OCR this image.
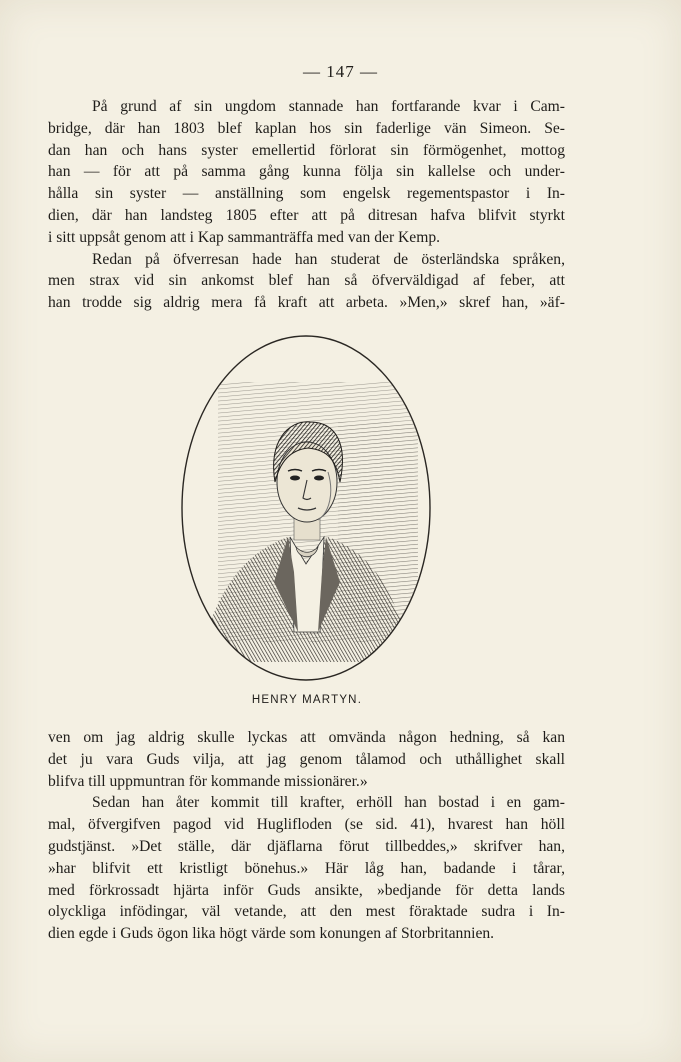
— 147 —
På grund af sin ungdom stannade han fortfarande kvar i Cam-
bridge, där han 1803 blef kaplan hos sin faderlige vän Simeon. Se-
dan han och hans syster emellertid förlorat sin förmögenhet, mottog
han — för att på samma gång kunna följa sin kallelse och under-
hålla sin syster — anställning som engelsk regementspastor i In-
dien, där han landsteg 1805 efter att på ditresan hafva blifvit styrkt
i sitt uppsåt genom att i Kap sammanträffa med van der Kemp.
Redan på öfverresan hade han studerat de österländska språken,
men strax vid sin ankomst blef han så öfverväldigad af feber, att
han trodde sig aldrig mera få kraft att arbeta. »Men,» skref han, »äf-
HENRY MARTYN.
ven om jag aldrig skulle lyckas att omvända någon hedning, så kan
det ju vara Guds vilja, att jag genom tålamod och uthållighet skall
blifva till uppmuntran för kommande missionärer.»
Sedan han åter kommit till krafter, erhöll han bostad i en gam-
mal, öfvergifven pagod vid Huglifloden (se sid. 41), hvarest han höll
gudstjänst. »Det ställe, där djäflarna förut tillbeddes,» skrifver han,
»har blifvit ett kristligt bönehus.» Här låg han, badande i tårar,
med förkrossadt hjärta inför Guds ansikte, »bedjande för detta lands
olyckliga infödingar, väl vetande, att den mest föraktade sudra i In-
dien egde i Guds ögon lika högt värde som konungen af Storbritannien.
